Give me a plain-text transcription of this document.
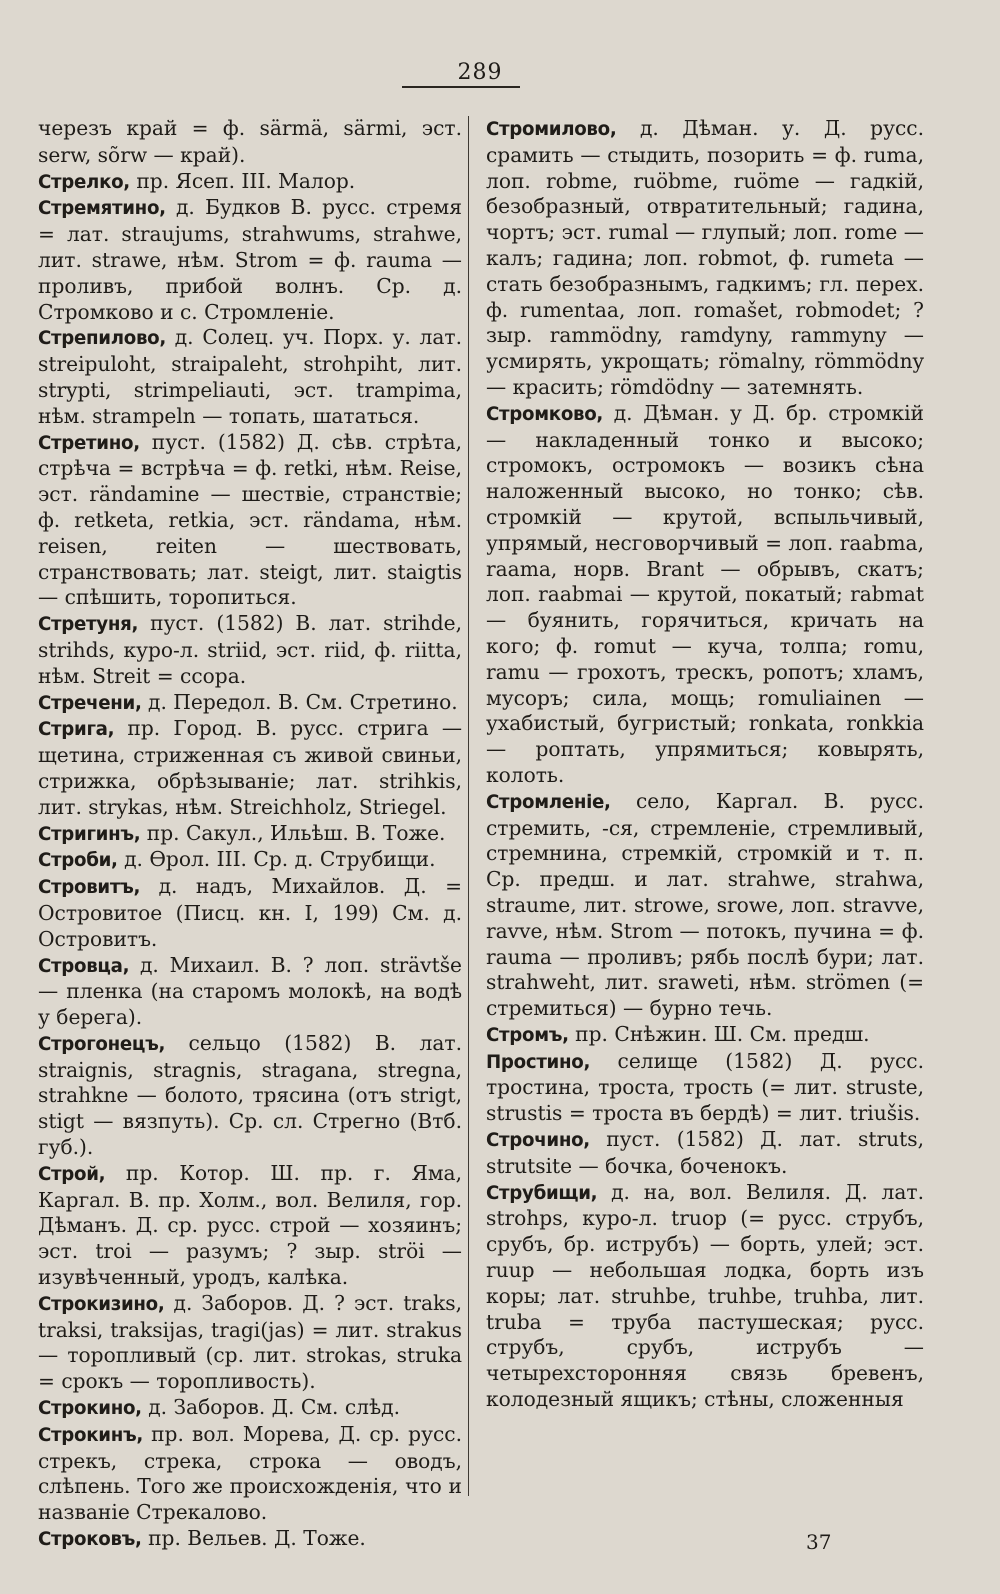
289

черезъ край = ф. särmä, särmi, эст. serw, sõrw — край).

Стрелко, пр. Ясеп. III. Малор.

Стремятино, д. Будков В. русс. стремя = лат. straujums, strahwums, strahwe, лит. strawe, нѣм. Strom = ф. rauma — проливъ, прибой волнъ. Ср. д. Стромково и с. Стромленіе.

Стрепилово, д. Солец. уч. Порх. у. лат. streipuloht, straipaleht, strohpiht, лит. strypti, strimpeliauti, эст. trampima, нѣм. strampeln — топать, шататься.

Стретино, пуст. (1582) Д. сѣв. стрѣта, стрѣча = встрѣча = ф. retki, нѣм. Reise, эст. rändamine — шествіе, странствіе; ф. retketa, retkia, эст. rändama, нѣм. reisen, reiten — шествовать, странствовать; лат. steigt, лит. staigtis — спѣшить, торопиться.

Стретуня, пуст. (1582) В. лат. strihde, strihds, куро-л. striid, эст. riid, ф. riitta, нѣм. Streit = ссора.

Стречени, д. Передол. В. См. Стретино.

Стрига, пр. Город. В. русс. стрига — щетина, стриженная съ живой свиньи, стрижка, обрѣзываніе; лат. strihkis, лит. strykas, нѣм. Streichholz, Striegel.

Стригинъ, пр. Сакул., Ильѣш. В. Тоже.

Строби, д. Өрол. III. Ср. д. Струбищи.

Стровитъ, д. надъ, Михайлов. Д. = Островитое (Писц. кн. I, 199) См. д. Островитъ.

Стровца, д. Михаил. В. ? лоп. strävtše — пленка (на старомъ молокѣ, на водѣ у берега).

Строгонецъ, сельцо (1582) В. лат. straignis, stragnis, stragana, stregna, strahkne — болото, трясина (отъ strigt, stigt — вязпуть). Ср. сл. Стрегно (Втб. губ.).

Строй, пр. Котор. Ш. пр. г. Яма, Каргал. В. пр. Холм., вол. Велиля, гор. Дѣманъ. Д. ср. русс. строй — хозяинъ; эст. troi — разумъ; ? зыр. ströi — изувѣченный, уродъ, калѣка.

Строкизино, д. Заборов. Д. ? эст. traks, traksi, traksijas, tragi(jas) = лит. strakus — торопливый (ср. лит. strokas, struka = срокъ — торопливость).

Строкино, д. Заборов. Д. См. слѣд.

Строкинъ, пр. вол. Морева, Д. ср. русс. стрекъ, стрека, строка — оводъ, слѣпень. Того же происхожденія, что и названіе Стрекалово.

Строковъ, пр. Вельев. Д. Тоже.

Стромилово, д. Дѣман. у. Д. русс. срамить — стыдить, позорить = ф. ruma, лоп. robme, ruöbme, ruöme — гадкій, безобразный, отвратительный; гадина, чортъ; эст. rumal — глупый; лоп. rome — калъ; гадина; лоп. robmot, ф. rumeta — стать безобразнымъ, гадкимъ; гл. перех. ф. rumentaa, лоп. romašet, robmodet; ? зыр. rammödny, ramdyny, rammyny — усмирять, укрощать; römalny, römmödny — красить; römdödny — затемнять.

Стромково, д. Дѣман. у Д. бр. стромкій — накладенный тонко и высоко; стромокъ, остромокъ — возикъ сѣна наложенный высоко, но тонко; сѣв. стромкій — крутой, вспыльчивый, упрямый, несговорчивый = лоп. raabma, raama, норв. Brant — обрывъ, скатъ; лоп. raabmai — крутой, покатый; rabmat — буянить, горячиться, кричать на кого; ф. romut — куча, толпа; romu, ramu — грохотъ, трескъ, ропотъ; хламъ, мусоръ; сила, мощь; romuliainen — ухабистый, бугристый; ronkata, ronkkia — роптать, упрямиться; ковырять, колоть.

Стромленіе, село, Каргал. В. русс. стремить, -ся, стремленіе, стремливый, стремнина, стремкій, стромкій и т. п. Ср. предш. и лат. strahwe, strahwa, straume, лит. strowe, srowe, лоп. stravve, ravve, нѣм. Strom — потокъ, пучина = ф. rauma — проливъ; рябь послѣ бури; лат. strahweht, лит. sraweti, нѣм. strömen (= стремиться) — бурно течь.

Стромъ, пр. Снѣжин. Ш. См. предш.

Простино, селище (1582) Д. русс. тростина, троста, трость (= лит. struste, strustis = троста въ бердѣ) = лит. triušis.

Строчино, пуст. (1582) Д. лат. struts, strutsite — бочка, боченокъ.

Струбищи, д. на, вол. Велиля. Д. лат. strohps, куро-л. truop (= русс. струбъ, срубъ, бр. иструбъ) — борть, улей; эст. ruup — небольшая лодка, борть изъ коры; лат. struhbe, truhbe, truhba, лит. truba = труба пастушеская; русс. струбъ, срубъ, иструбъ — четырехсторонняя связь бревенъ, колодезный ящикъ; стѣны, сложенныя

37
